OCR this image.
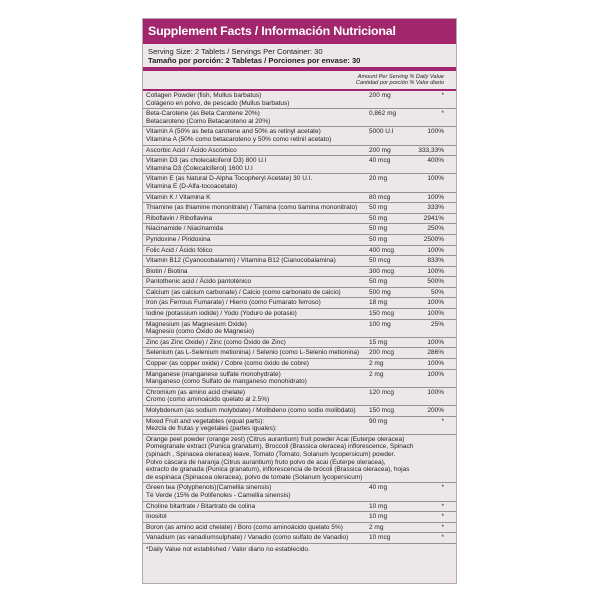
Supplement Facts / Información Nutricional
Serving Size: 2 Tablets / Servings Per Container: 30
Tamaño por porción: 2 Tabletas / Porciones por envase: 30
Amount Per Serving % Daily Value
Cantidad por porción % Valor diario
Collagen Powder (fish, Mullus barbatus)
Colágeno en polvo, de pescado (Mullus barbatus)
200 mg	*
Beta-Carotene (as Beta Carotene 20%)
Betacaroteno (Como Betacaroteno al 20%)
0,862 mg	*
Vitamin A (50% as beta carotene and 50% as retinyl acetate)
Vitamina A (50% como betacaroteno y 50% como retinil acetato)
5000 U.I	100%
Ascorbic Acid / Ácido Ascórbico	200 mg	333,33%
Vitamin D3 (as cholecalciferol D3) 800 U.I
Vitamina D3 (Colecalciferol) 1600 U.I
40 mcg	400%
Vitamin E (as Natural D-Alpha Tocopheryl Acetate) 30 U.I.
Vitamina E (D-Alfa-tocoacetato)
20 mg	100%
Vitamin K / Vitamina K	80 mcg	100%
Thiamine (as thiamine mononitrate) / Tiamina (como tiamina mononitrato)	50 mg	333%
Riboflavin / Riboflavina	50 mg	2941%
Niacinamide / Niacinamida	50 mg	250%
Pyridoxine / Piridoxina	50 mg	2500%
Folic Acid / Ácido fólico	400 mcg	100%
Vitamin B12 (Cyanocobalamin) / Vitamina B12 (Cianocobalamina)	50 mcg	833%
Biotin / Biotina	300 mcg	100%
Pantothenic acid / Ácido pantoténico	50 mg	500%
Calcium (as calcium carbonate) / Calcio (como carbonato de calcio)	500 mg	50%
Iron (as Ferrous Fumarate) / Hierro (como Fumarato ferroso)	18 mg	100%
Iodine (potassium iodide) / Yodo (Yoduro de potasio)	150 mcg	100%
Magnesium (as Magnesium Oxide)
Magnesio (como Óxido de Magnesio)
100 mg	25%
Zinc (as Zinc Oxide) / Zinc (como Óxido de Zinc)	15 mg	100%
Selenium (as L-Selenium metionina) / Selenio (como L-Selenio metionina) 200 mcg	286%
Copper (as copper oxide) / Cobre (como óxido de cobre)	2 mg	100%
Manganese (manganese sulfate monohydrate)
Manganeso (como Sulfato de manganeso monohidrato)
2 mg	100%
Chromium (as amino acid chelate)
Cromo (como aminoácido quelato al 2.5%)
120 mcg	100%
Molybdenum (as sodium molybdate) / Molibdeno (como sodio molibdato)	150 mcg	200%
Mixed Fruit and vegetables (equal parts):
Mezcla de frutas y vegetales (partes iguales):
90 mg	*
Orange peel powder (orange zest) (Citrus aurantium) fruit powder Acai (Euterpe oleracea)
Pomegranate extract (Punica granatum), Broccoli (Brassica oleracea) inflorescence, Spinach
(spinach , Spinacea oleracea) leave, Tomato (Tomato, Solanum lycopersicum) powder.
Polvo cáscara de naranja (Citrus aurantium) fruto polvo de acai (Euterpe oleracea),
extracto de granada (Punica granatum), inflorescencia de brócoli (Brassica oleracea), hojas
de espinaca (Spinacea oleracea), polvo de tomate (Solanum lycopersicum)
Green tea (Polyphenols)(Camellia sinensis)
Té Verde (15% de Polifenoles - Camellia sinensis)
40 mg	*
Choline bitartrate / Bitartrato de colina	10 mg	*
Inositol	10 mg	*
Boron (as amino acid chelate) / Boro (como aminoácido quelato 5%)	2 mg	*
Vanadium (as vanadiumsulphate) / Vanadio (como sulfato de Vanadio)	10 mcg	*
*Daily Value not established / Valor diario no establecido.
